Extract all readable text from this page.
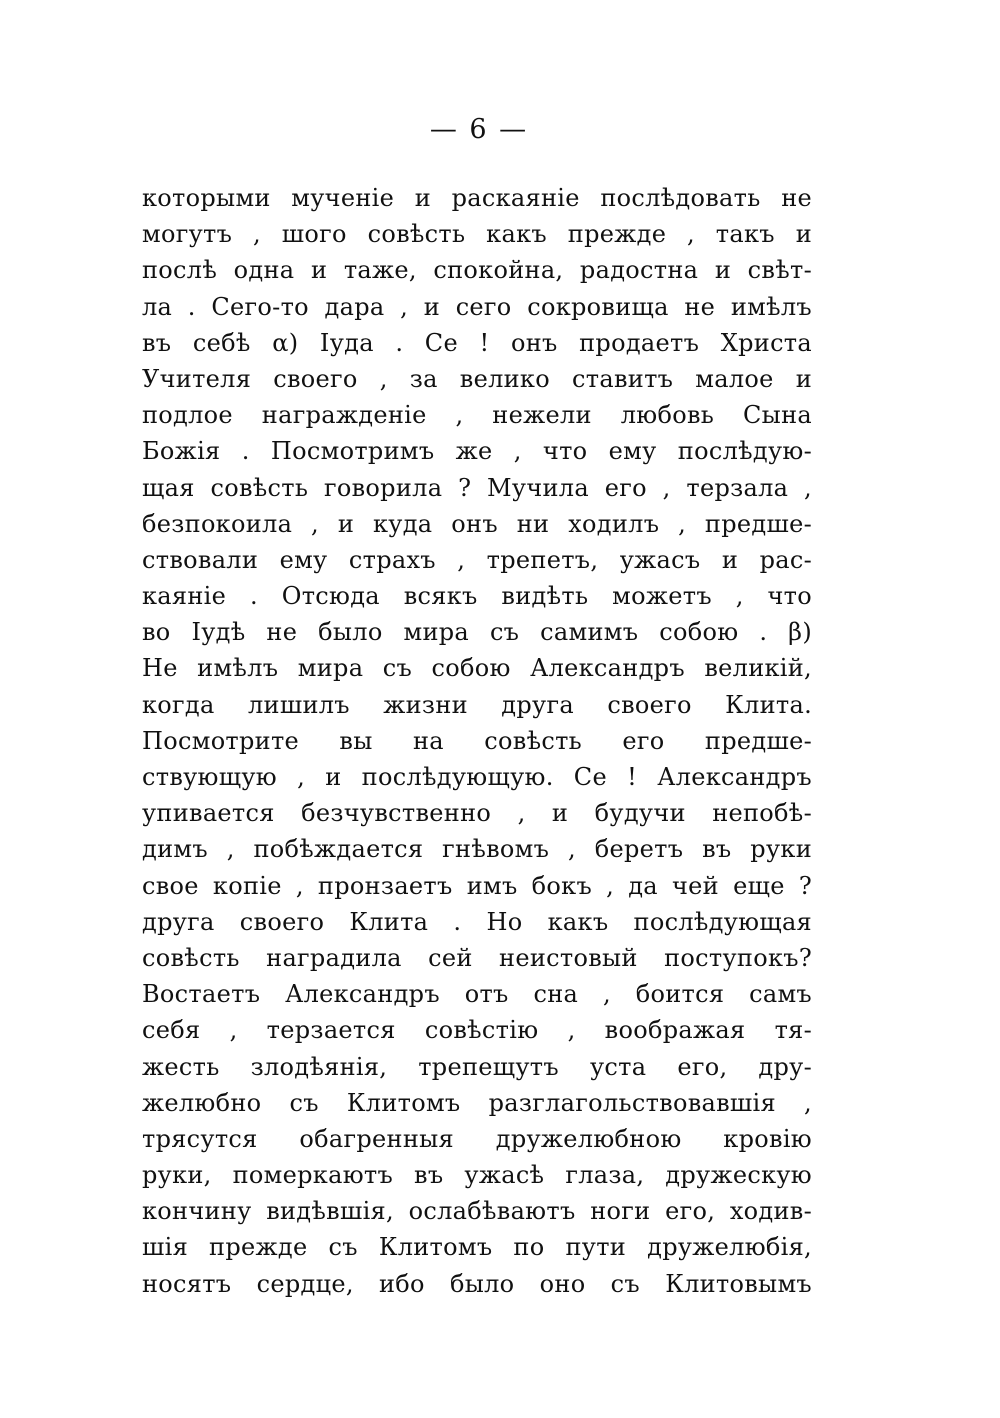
— 6 —
которыми мученіе и раскаяніе послѣдовать не
могутъ , шого совѣсть какъ прежде , такъ и
послѣ одна и таже, спокойна, радостна и свѣт-
ла . Сего-то дара , и сего сокровища не имѣлъ
въ себѣ α) Іуда . Се ! онъ продаетъ Христа
Учителя своего , за велико ставитъ малое и
подлое награжденіе , нежели любовь Сына
Божія . Посмотримъ же , что ему послѣдую-
щая совѣсть говорила ? Мучила его , терзала ,
безпокоила , и куда онъ ни ходилъ , предше-
ствовали ему страхъ , трепетъ, ужасъ и рас-
каяніе . Отсюда всякъ видѣть можетъ , что
во Іудѣ не было мира съ самимъ собою . β)
Не имѣлъ мира съ собою Александръ великій,
когда лишилъ жизни друга своего Клита.
Посмотрите вы на совѣсть его предше-
ствующую , и послѣдующую. Се ! Александръ
упивается безчувственно , и будучи непобѣ-
димъ , побѣждается гнѣвомъ , беретъ въ руки
свое копіе , пронзаетъ имъ бокъ , да чей еще ?
друга своего Клита . Но какъ послѣдующая
совѣсть наградила сей неистовый поступокъ?
Востаетъ Александръ отъ сна , боится самъ
себя , терзается совѣстію , воображая тя-
жесть злодѣянія, трепещутъ уста его, дру-
желюбно съ Клитомъ разглагольствовавшія ,
трясутся обагренныя дружелюбною кровію
руки, померкаютъ въ ужасѣ глаза, дружескую
кончину видѣвшія, ослабѣваютъ ноги его, ходив-
шія прежде съ Клитомъ по пути дружелюбія,
носятъ сердце, ибо было оно съ Клитовымъ
